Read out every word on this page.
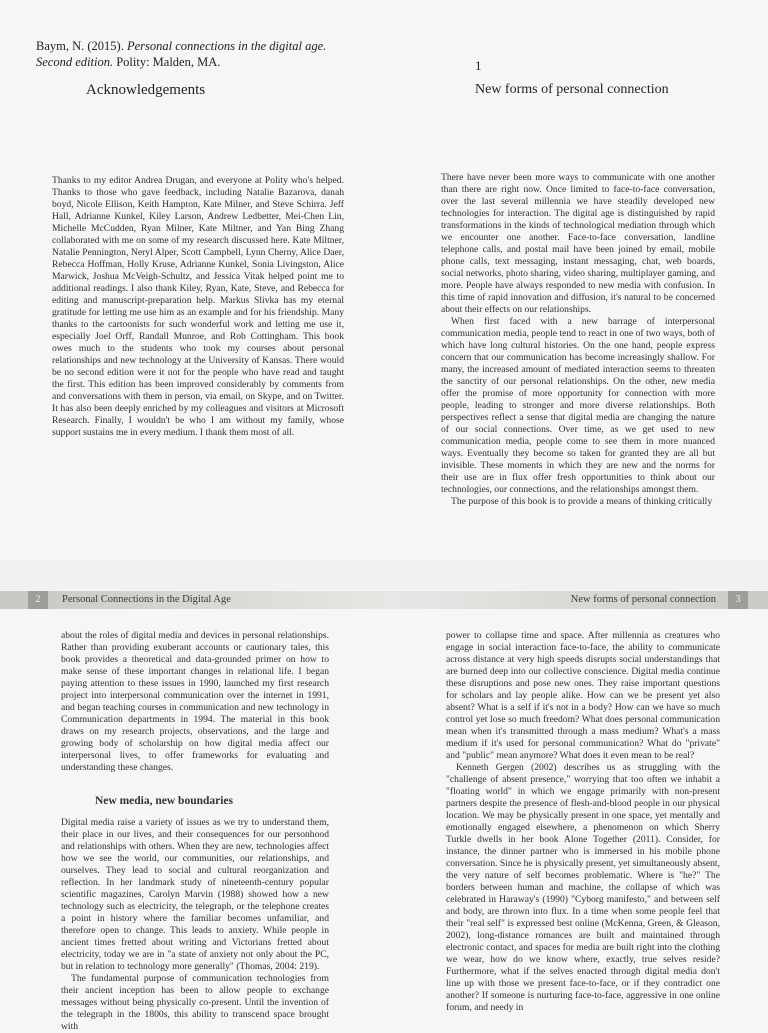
Baym, N. (2015). Personal connections in the digital age. Second edition. Polity: Malden, MA.
Acknowledgements

Thanks to my editor Andrea Drugan, and everyone at Polity who's helped. Thanks to those who gave feedback, including Natalie Bazarova, danah boyd, Nicole Ellison, Keith Hampton, Kate Milner, and Steve Schirra. Jeff Hall, Adrianne Kunkel, Kiley Larson, Andrew Ledbetter, Mei-Chen Lin, Michelle McCudden, Ryan Milner, Kate Miltner, and Yan Bing Zhang collaborated with me on some of my research discussed here. Kate Miltner, Natalie Pennington, Neryl Alper, Scott Campbell, Lynn Cherny, Alice Daer, Rebecca Hoffman, Holly Kruse, Adrianne Kunkel, Sonia Livingston, Alice Marwick, Joshua McVeigh-Schultz, and Jessica Vitak helped point me to additional readings. I also thank Kiley, Ryan, Kate, Steve, and Rebecca for editing and manuscript-preparation help. Markus Slivka has my eternal gratitude for letting me use him as an example and for his friendship. Many thanks to the cartoonists for such wonderful work and letting me use it, especially Joel Orff, Randall Munroe, and Rob Cottingham. This book owes much to the students who took my courses about personal relationships and new technology at the University of Kansas. There would be no second edition were it not for the people who have read and taught the first. This edition has been improved considerably by comments from and conversations with them in person, via email, on Skype, and on Twitter. It has also been deeply enriched by my colleagues and visitors at Microsoft Research. Finally, I wouldn't be who I am without my family, whose support sustains me in every medium. I thank them most of all.

1
New forms of personal connection

There have never been more ways to communicate with one another than there are right now. Once limited to face-to-face conversation, over the last several millennia we have steadily developed new technologies for interaction. The digital age is distinguished by rapid transformations in the kinds of technological mediation through which we encounter one another. Face-to-face conversation, landline telephone calls, and postal mail have been joined by email, mobile phone calls, text messaging, instant messaging, chat, web boards, social networks, photo sharing, video sharing, multiplayer gaming, and more. People have always responded to new media with confusion. In this time of rapid innovation and diffusion, it's natural to be concerned about their effects on our relationships.

When first faced with a new barrage of interpersonal communication media, people tend to react in one of two ways, both of which have long cultural histories. On the one hand, people express concern that our communication has become increasingly shallow. For many, the increased amount of mediated interaction seems to threaten the sanctity of our personal relationships. On the other, new media offer the promise of more opportunity for connection with more people, leading to stronger and more diverse relationships. Both perspectives reflect a sense that digital media are changing the nature of our social connections. Over time, as we get used to new communication media, people come to see them in more nuanced ways. Eventually they become so taken for granted they are all but invisible. These moments in which they are new and the norms for their use are in flux offer fresh opportunities to think about our technologies, our connections, and the relationships amongst them.

The purpose of this book is to provide a means of thinking critically

2	Personal Connections in the Digital Age	New forms of personal connection	3

about the roles of digital media and devices in personal relationships. Rather than providing exuberant accounts or cautionary tales, this book provides a theoretical and data-grounded primer on how to make sense of these important changes in relational life. I began paying attention to these issues in 1990, launched my first research project into interpersonal communication over the internet in 1991, and began teaching courses in communication and new technology in Communication departments in 1994. The material in this book draws on my research projects, observations, and the large and growing body of scholarship on how digital media affect our interpersonal lives, to offer frameworks for evaluating and understanding these changes.

New media, new boundaries

Digital media raise a variety of issues as we try to understand them, their place in our lives, and their consequences for our personhood and relationships with others. When they are new, technologies affect how we see the world, our communities, our relationships, and ourselves. They lead to social and cultural reorganization and reflection. In her landmark study of nineteenth-century popular scientific magazines, Carolyn Marvin (1988) showed how a new technology such as electricity, the telegraph, or the telephone creates a point in history where the familiar becomes unfamiliar, and therefore open to change. This leads to anxiety. While people in ancient times fretted about writing and Victorians fretted about electricity, today we are in "a state of anxiety not only about the PC, but in relation to technology more generally" (Thomas, 2004: 219).

The fundamental purpose of communication technologies from their ancient inception has been to allow people to exchange messages without being physically co-present. Until the invention of the telegraph in the 1800s, this ability to transcend space brought with

power to collapse time and space. After millennia as creatures who engage in social interaction face-to-face, the ability to communicate across distance at very high speeds disrupts social understandings that are burned deep into our collective conscience. Digital media continue these disruptions and pose new ones. They raise important questions for scholars and lay people alike. How can we be present yet also absent? What is a self if it's not in a body? How can we have so much control yet lose so much freedom? What does personal communication mean when it's transmitted through a mass medium? What's a mass medium if it's used for personal communication? What do "private" and "public" mean anymore? What does it even mean to be real?

Kenneth Gergen (2002) describes us as struggling with the "challenge of absent presence," worrying that too often we inhabit a "floating world" in which we engage primarily with non-present partners despite the presence of flesh-and-blood people in our physical location. We may be physically present in one space, yet mentally and emotionally engaged elsewhere, a phenomenon on which Sherry Turkle dwells in her book Alone Together (2011). Consider, for instance, the dinner partner who is immersed in his mobile phone conversation. Since he is physically present, yet simultaneously absent, the very nature of self becomes problematic. Where is "he?" The borders between human and machine, the collapse of which was celebrated in Haraway's (1990) "Cyborg manifesto," and between self and body, are thrown into flux. In a time when some people feel that their "real self" is expressed best online (McKenna, Green, & Gleason, 2002), long-distance romances are built and maintained through electronic contact, and spaces for media are built right into the clothing we wear, how do we know where, exactly, true selves reside? Furthermore, what if the selves enacted through digital media don't line up with those we present face-to-face, or if they contradict one another? If someone is nurturing face-to-face, aggressive in one online forum, and needy in
